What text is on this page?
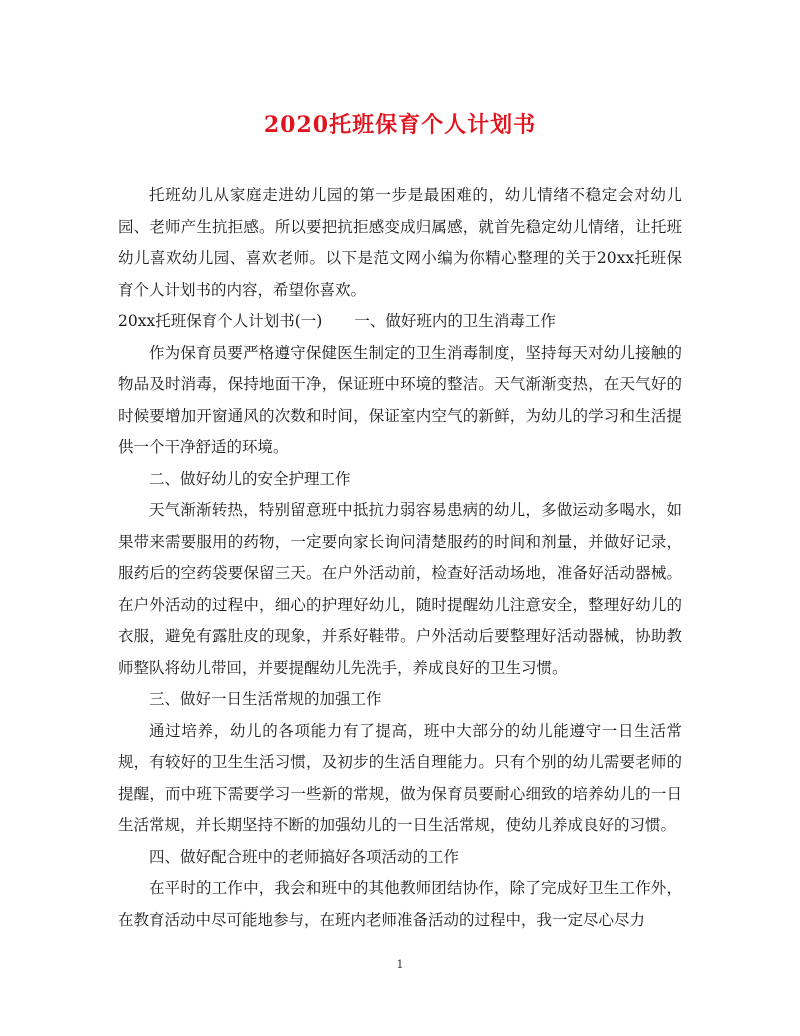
2020托班保育个人计划书

托班幼儿从家庭走进幼儿园的第一步是最困难的，幼儿情绪不稳定会对幼儿园、老师产生抗拒感。所以要把抗拒感变成归属感，就首先稳定幼儿情绪，让托班幼儿喜欢幼儿园、喜欢老师。以下是范文网小编为你精心整理的关于20xx托班保育个人计划书的内容，希望你喜欢。

20xx托班保育个人计划书(一) 一、做好班内的卫生消毒工作

作为保育员要严格遵守保健医生制定的卫生消毒制度，坚持每天对幼儿接触的物品及时消毒，保持地面干净，保证班中环境的整洁。天气渐渐变热，在天气好的时候要增加开窗通风的次数和时间，保证室内空气的新鲜，为幼儿的学习和生活提供一个干净舒适的环境。

二、做好幼儿的安全护理工作

天气渐渐转热，特别留意班中抵抗力弱容易患病的幼儿，多做运动多喝水，如果带来需要服用的药物，一定要向家长询问清楚服药的时间和剂量，并做好记录，服药后的空药袋要保留三天。在户外活动前，检查好活动场地，准备好活动器械。在户外活动的过程中，细心的护理好幼儿，随时提醒幼儿注意安全，整理好幼儿的衣服，避免有露肚皮的现象，并系好鞋带。户外活动后要整理好活动器械，协助教师整队将幼儿带回，并要提醒幼儿先洗手，养成良好的卫生习惯。

三、做好一日生活常规的加强工作

通过培养，幼儿的各项能力有了提高，班中大部分的幼儿能遵守一日生活常规，有较好的卫生生活习惯，及初步的生活自理能力。只有个别的幼儿需要老师的提醒，而中班下需要学习一些新的常规，做为保育员要耐心细致的培养幼儿的一日生活常规，并长期坚持不断的加强幼儿的一日生活常规，使幼儿养成良好的习惯。

四、做好配合班中的老师搞好各项活动的工作

在平时的工作中，我会和班中的其他教师团结协作，除了完成好卫生工作外，在教育活动中尽可能地参与，在班内老师准备活动的过程中，我一定尽心尽力

1
